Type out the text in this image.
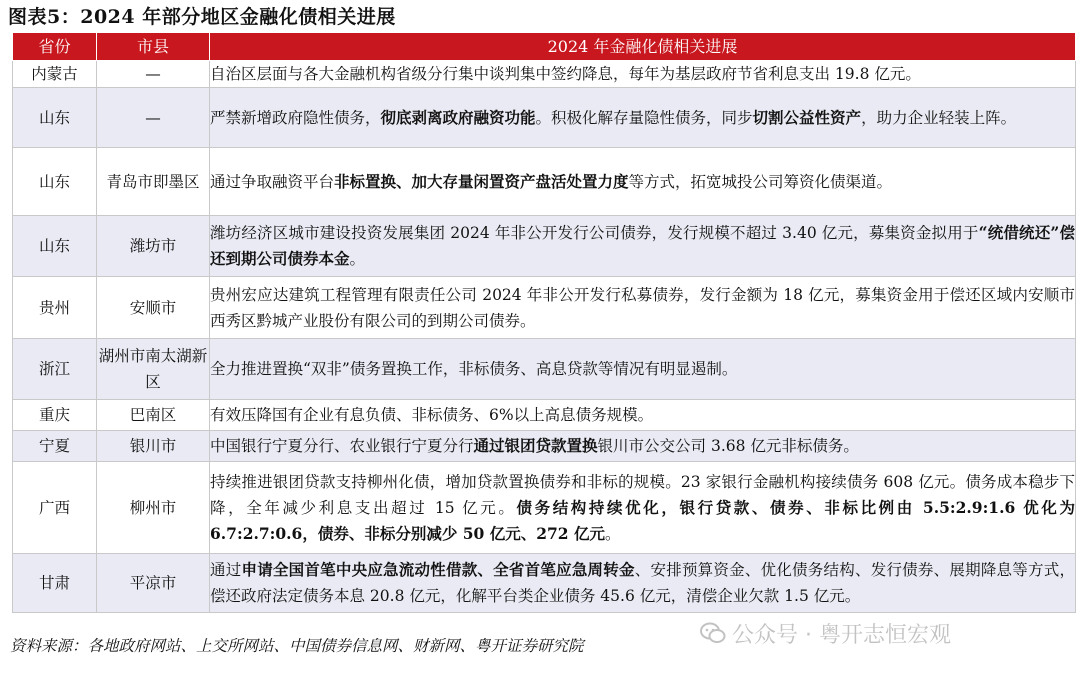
图表5：2024 年部分地区金融化债相关进展
省份	市县	2024 年金融化债相关进展
内蒙古	—	自治区层面与各大金融机构省级分行集中谈判集中签约降息，每年为基层政府节省利息支出 19.8 亿元。
山东	—	严禁新增政府隐性债务，彻底剥离政府融资功能。积极化解存量隐性债务，同步切割公益性资产，助力企业轻装上阵。
山东	青岛市即墨区	通过争取融资平台非标置换、加大存量闲置资产盘活处置力度等方式，拓宽城投公司筹资化债渠道。
山东	潍坊市	潍坊经济区城市建设投资发展集团 2024 年非公开发行公司债券，发行规模不超过 3.40 亿元，募集资金拟用于“统借统还”偿还到期公司债券本金。
贵州	安顺市	贵州宏应达建筑工程管理有限责任公司 2024 年非公开发行私募债券，发行金额为 18 亿元，募集资金用于偿还区域内安顺市西秀区黔城产业股份有限公司的到期公司债券。
浙江	湖州市南太湖新区	全力推进置换“双非”债务置换工作，非标债务、高息贷款等情况有明显遏制。
重庆	巴南区	有效压降国有企业有息负债、非标债务、6%以上高息债务规模。
宁夏	银川市	中国银行宁夏分行、农业银行宁夏分行通过银团贷款置换银川市公交公司 3.68 亿元非标债务。
广西	柳州市	持续推进银团贷款支持柳州化债，增加贷款置换债券和非标的规模。23 家银行金融机构接续债务 608 亿元。债务成本稳步下降，全年减少利息支出超过 15 亿元。债务结构持续优化，银行贷款、债券、非标比例由 5.5:2.9:1.6 优化为 6.7:2.7:0.6，债券、非标分别减少 50 亿元、272 亿元。
甘肃	平凉市	通过申请全国首笔中央应急流动性借款、全省首笔应急周转金、安排预算资金、优化债务结构、发行债券、展期降息等方式，偿还政府法定债务本息 20.8 亿元，化解平台类企业债务 45.6 亿元，清偿企业欠款 1.5 亿元。
资料来源：各地政府网站、上交所网站、中国债券信息网、财新网、粤开证券研究院	公众号 · 粤开志恒宏观
